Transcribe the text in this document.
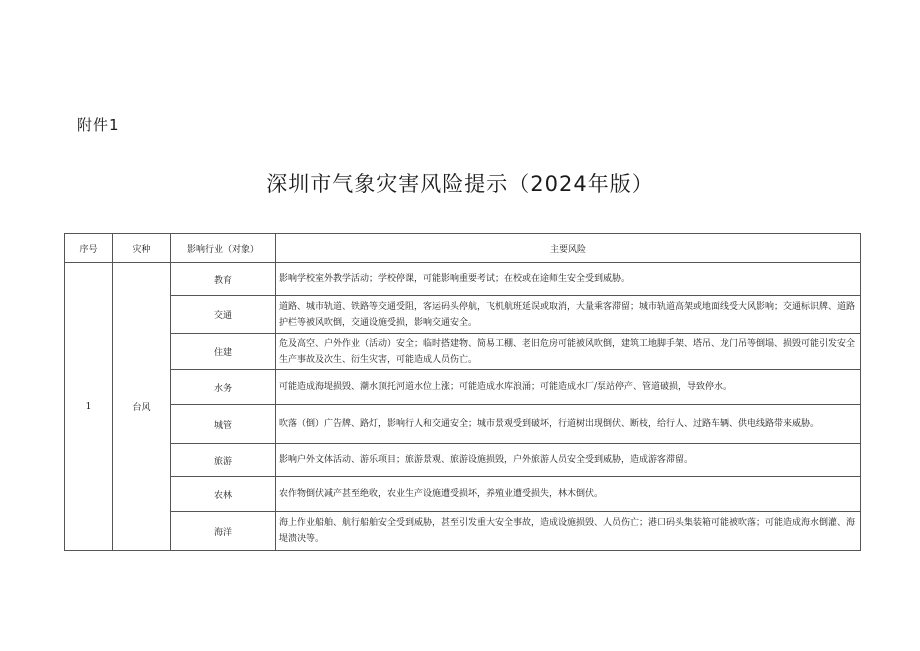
附件1
深圳市气象灾害风险提示（2024年版）
序号	灾种	影响行业（对象）	主要风险
1	台风	教育	影响学校室外教学活动；学校停课，可能影响重要考试；在校或在途师生安全受到威胁。
		交通	道路、城市轨道、铁路等交通受阻，客运码头停航，飞机航班延误或取消，大量乘客滞留；城市轨道高架或地面线受大风影响；交通标识牌、道路护栏等被风吹倒，交通设施受损，影响交通安全。
		住建	危及高空、户外作业（活动）安全；临时搭建物、简易工棚、老旧危房可能被风吹倒，建筑工地脚手架、塔吊、龙门吊等倒塌、损毁可能引发安全生产事故及次生、衍生灾害，可能造成人员伤亡。
		水务	可能造成海堤损毁、潮水顶托河道水位上涨；可能造成水库浪涌；可能造成水厂/泵站停产、管道破损，导致停水。
		城管	吹落（倒）广告牌、路灯，影响行人和交通安全；城市景观受到破坏，行道树出现倒伏、断枝，给行人、过路车辆、供电线路带来威胁。
		旅游	影响户外文体活动、游乐项目；旅游景观、旅游设施损毁，户外旅游人员安全受到威胁，造成游客滞留。
		农林	农作物倒伏减产甚至绝收，农业生产设施遭受损坏，养殖业遭受损失，林木倒伏。
		海洋	海上作业船舶、航行船舶安全受到威胁，甚至引发重大安全事故，造成设施损毁、人员伤亡；港口码头集装箱可能被吹落；可能造成海水倒灌、海堤溃决等。
